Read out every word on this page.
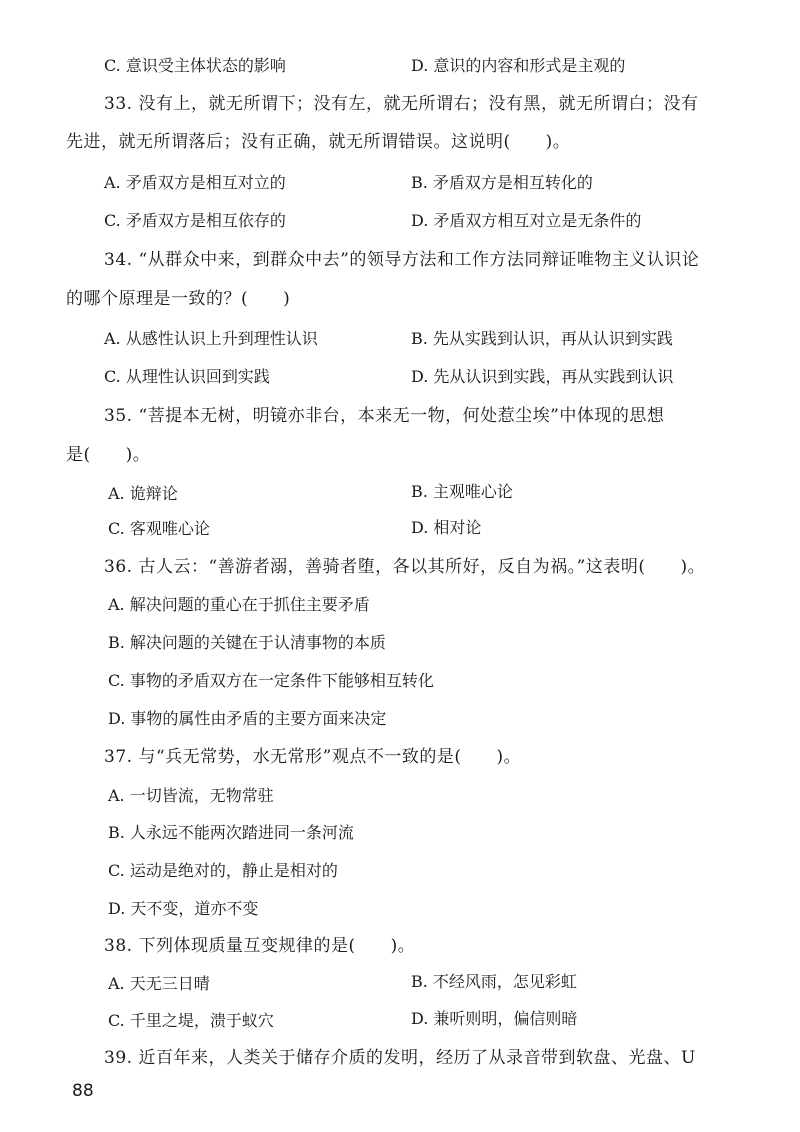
C. 意识受主体状态的影响	D. 意识的内容和形式是主观的
33. 没有上，就无所谓下；没有左，就无所谓右；没有黑，就无所谓白；没有
先进，就无所谓落后；没有正确，就无所谓错误。这说明(　　)。
A. 矛盾双方是相互对立的	B. 矛盾双方是相互转化的
C. 矛盾双方是相互依存的	D. 矛盾双方相互对立是无条件的
34. “从群众中来，到群众中去”的领导方法和工作方法同辩证唯物主义认识论
的哪个原理是一致的？(　　)
A. 从感性认识上升到理性认识	B. 先从实践到认识，再从认识到实践
C. 从理性认识回到实践	D. 先从认识到实践，再从实践到认识
35. “菩提本无树，明镜亦非台，本来无一物，何处惹尘埃”中体现的思想
是(　　)。
A. 诡辩论	B. 主观唯心论
C. 客观唯心论	D. 相对论
36. 古人云：“善游者溺，善骑者堕，各以其所好，反自为祸。”这表明(　　)。
A. 解决问题的重心在于抓住主要矛盾
B. 解决问题的关键在于认清事物的本质
C. 事物的矛盾双方在一定条件下能够相互转化
D. 事物的属性由矛盾的主要方面来决定
37. 与“兵无常势，水无常形”观点不一致的是(　　)。
A. 一切皆流，无物常驻
B. 人永远不能两次踏进同一条河流
C. 运动是绝对的，静止是相对的
D. 天不变，道亦不变
38. 下列体现质量互变规律的是(　　)。
A. 天无三日晴	B. 不经风雨，怎见彩虹
C. 千里之堤，溃于蚁穴	D. 兼听则明，偏信则暗
39. 近百年来，人类关于储存介质的发明，经历了从录音带到软盘、光盘、U
88
